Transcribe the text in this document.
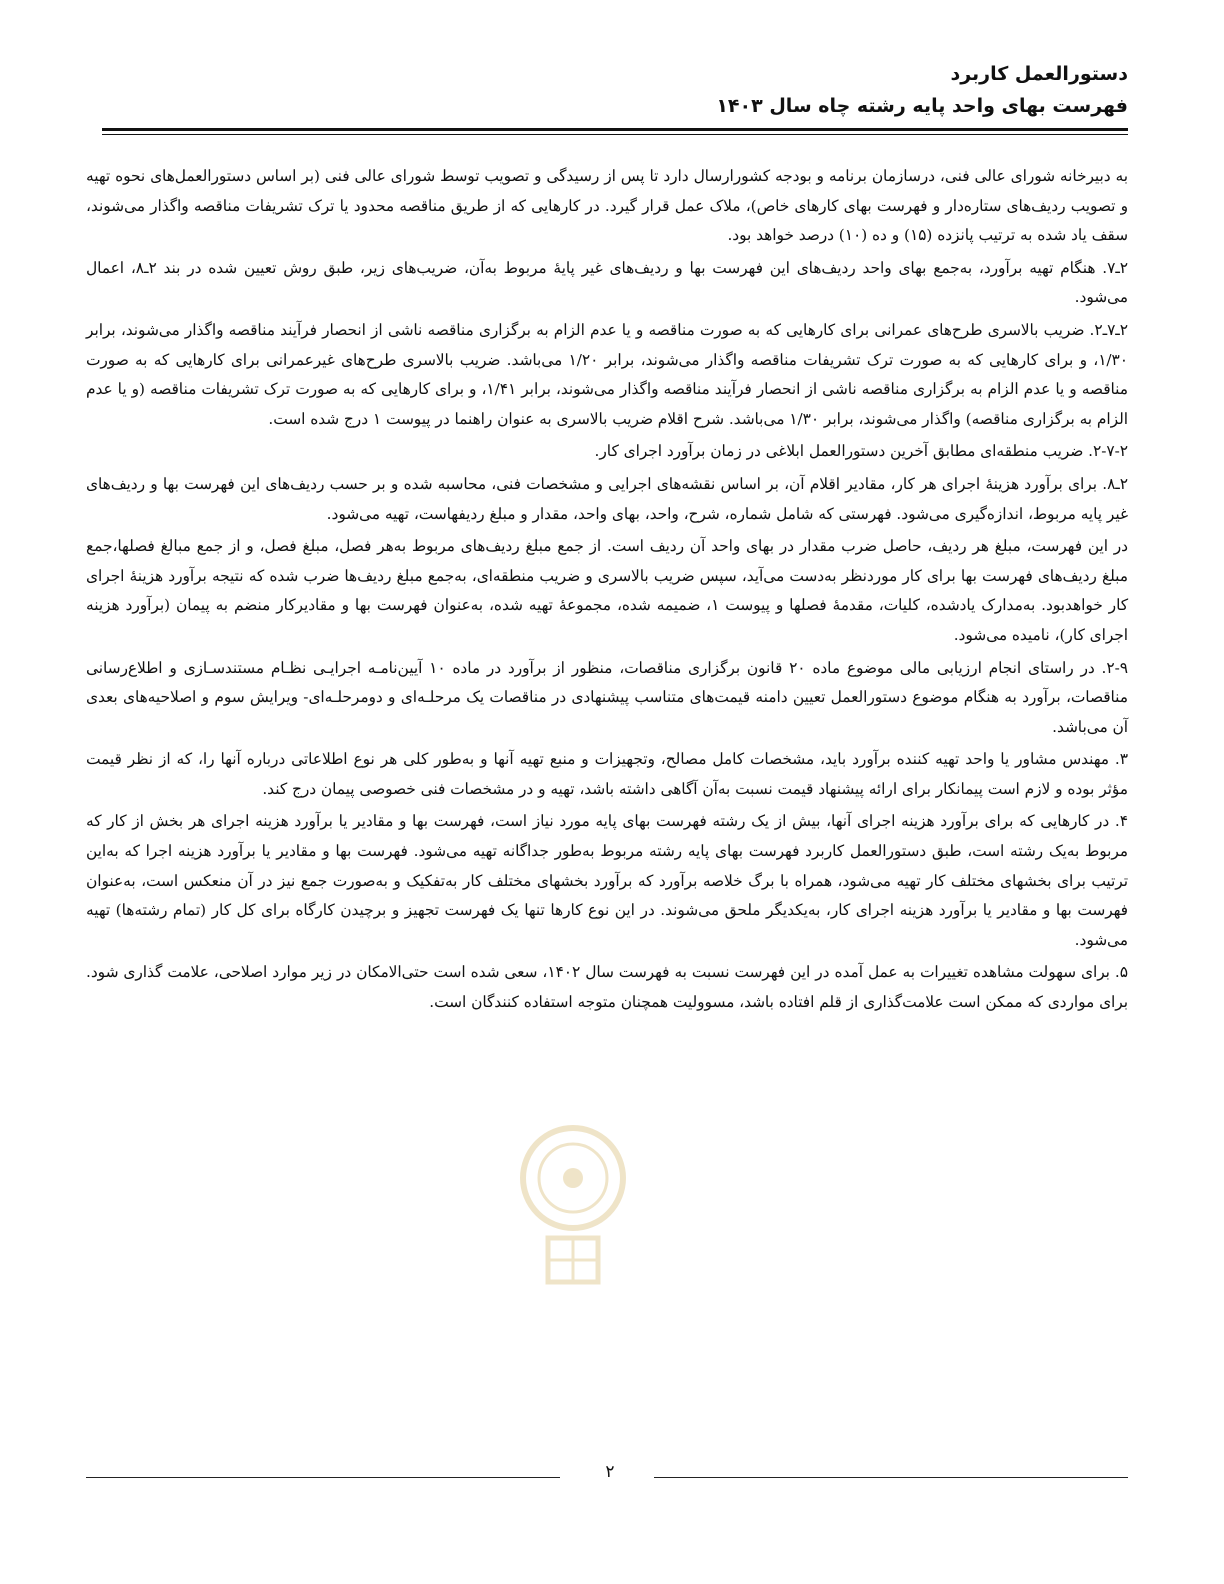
دستورالعمل کاربرد
فهرست بهای واحد پایه رشته چاه سال ۱۴۰۳

به دبیرخانه شورای عالی فنی، درسازمان برنامه و بودجه کشورارسال دارد تا پس از رسیدگی و تصویب توسط شورای عالی فنی (بر اساس دستورالعمل‌های نحوه تهیه و تصویب ردیف‌های ستاره‌دار و فهرست بهای کارهای خاص)، ملاک عمل قرار گیرد. در کارهایی که از طریق مناقصه محدود یا ترک تشریفات مناقصه واگذار می‌شوند، سقف یاد شده به ترتیب پانزده (۱۵) و ده (۱۰) درصد خواهد بود.

۲ـ۷. هنگام تهیه برآورد، به‌جمع بهای واحد ردیف‌های این فهرست بها و ردیف‌های غیر پایهٔ مربوط به‌آن، ضریب‌های زیر، طبق روش تعیین شده در بند ۲ـ۸، اعمال می‌شود.

۲ـ۷ـ۲. ضریب بالاسری طرح‌های عمرانی برای کارهایی که به صورت مناقصه و یا عدم الزام به برگزاری مناقصه ناشی از انحصار فرآیند مناقصه واگذار می‌شوند، برابر ۱/۳۰، و برای کارهایی که به صورت ترک تشریفات مناقصه واگذار می‌شوند، برابر ۱/۲۰ می‌باشد. ضریب بالاسری طرح‌های غیرعمرانی برای کارهایی که به صورت مناقصه و یا عدم الزام به برگزاری مناقصه ناشی از انحصار فرآیند مناقصه واگذار می‌شوند، برابر ۱/۴۱، و برای کارهایی که به صورت ترک تشریفات مناقصه (و یا عدم الزام به برگزاری مناقصه) واگذار می‌شوند، برابر ۱/۳۰ می‌باشد. شرح اقلام ضریب بالاسری به عنوان راهنما در پیوست ۱ درج شده است.

۲-۷-۲. ضریب منطقه‌ای مطابق آخرین دستورالعمل ابلاغی در زمان برآورد اجرای کار.

۲ـ۸. برای برآورد هزینهٔ اجرای هر کار، مقادیر اقلام آن، بر اساس نقشه‌های اجرایی و مشخصات فنی، محاسبه شده و بر حسب ردیف‌های این فهرست بها و ردیف‌های غیر پایه مربوط، اندازه‌گیری می‌شود. فهرستی که شامل شماره، شرح، واحد، بهای واحد، مقدار و مبلغ ردیفهاست، تهیه می‌شود.

در این فهرست، مبلغ هر ردیف، حاصل ضرب مقدار در بهای واحد آن ردیف است. از جمع مبلغ ردیف‌های مربوط به‌هر فصل، مبلغ فصل، و از جمع مبالغ فصلها،جمع مبلغ ردیف‌های فهرست بها برای کار موردنظر به‌دست می‌آید، سپس ضریب بالاسری و ضریب منطقه‌ای، به‌جمع مبلغ ردیف‌ها ضرب شده که نتیجه برآورد هزینهٔ اجرای کار خواهدبود. به‌مدارک یادشده، کلیات، مقدمهٔ فصلها و پیوست ۱، ضمیمه شده، مجموعهٔ تهیه شده، به‌عنوان فهرست بها و مقادیرکار منضم به پیمان (برآورد هزینه اجرای کار)، نامیده می‌شود.

۲-۹. در راستای انجام ارزیابی مالی موضوع ماده ۲۰ قانون برگزاری مناقصات، منظور از برآورد در ماده ۱۰ آیین‌نامـه اجرایـی نظـام مستندسـازی و اطلاع‌رسانی مناقصات، برآورد به هنگام موضوع دستورالعمل تعیین دامنه قیمت‌های متناسب پیشنهادی در مناقصات یک مرحلـه‌ای و دومرحلـه‌ای- ویرایش سوم و اصلاحیه‌های بعدی آن می‌باشد.

۳. مهندس مشاور یا واحد تهیه کننده برآورد باید، مشخصات کامل مصالح، وتجهیزات و منبع تهیه آنها و به‌طور کلی هر نوع اطلاعاتی درباره آنها را، که از نظر قیمت مؤثر بوده و لازم است پیمانکار برای ارائه پیشنهاد قیمت نسبت به‌آن آگاهی داشته باشد، تهیه و در مشخصات فنی خصوصی پیمان درج کند.

۴. در کارهایی که برای برآورد هزینه اجرای آنها، بیش از یک رشته فهرست بهای پایه مورد نیاز است، فهرست بها و مقادیر یا برآورد هزینه اجرای هر بخش از کار که مربوط به‌یک رشته است، طبق دستورالعمل کاربرد فهرست بهای پایه رشته مربوط به‌طور جداگانه تهیه می‌شود. فهرست بها و مقادیر یا برآورد هزینه اجرا که به‌این ترتیب برای بخشهای مختلف کار تهیه می‌شود، همراه با برگ خلاصه برآورد که برآورد بخشهای مختلف کار به‌تفکیک و به‌صورت جمع نیز در آن منعکس است، به‌عنوان فهرست بها و مقادیر یا برآورد هزینه اجرای کار، به‌یکدیگر ملحق می‌شوند. در این نوع کارها تنها یک فهرست تجهیز و برچیدن کارگاه برای کل کار (تمام رشته‌ها) تهیه می‌شود.

۵. برای سهولت مشاهده تغییرات به عمل آمده در این فهرست نسبت به فهرست سال ۱۴۰۲، سعی شده است حتی‌الامکان در زیر موارد اصلاحی، علامت گذاری شود. برای مواردی که ممکن است علامت‌گذاری از قلم افتاده باشد، مسوولیت همچنان متوجه استفاده کنندگان است.

۲
